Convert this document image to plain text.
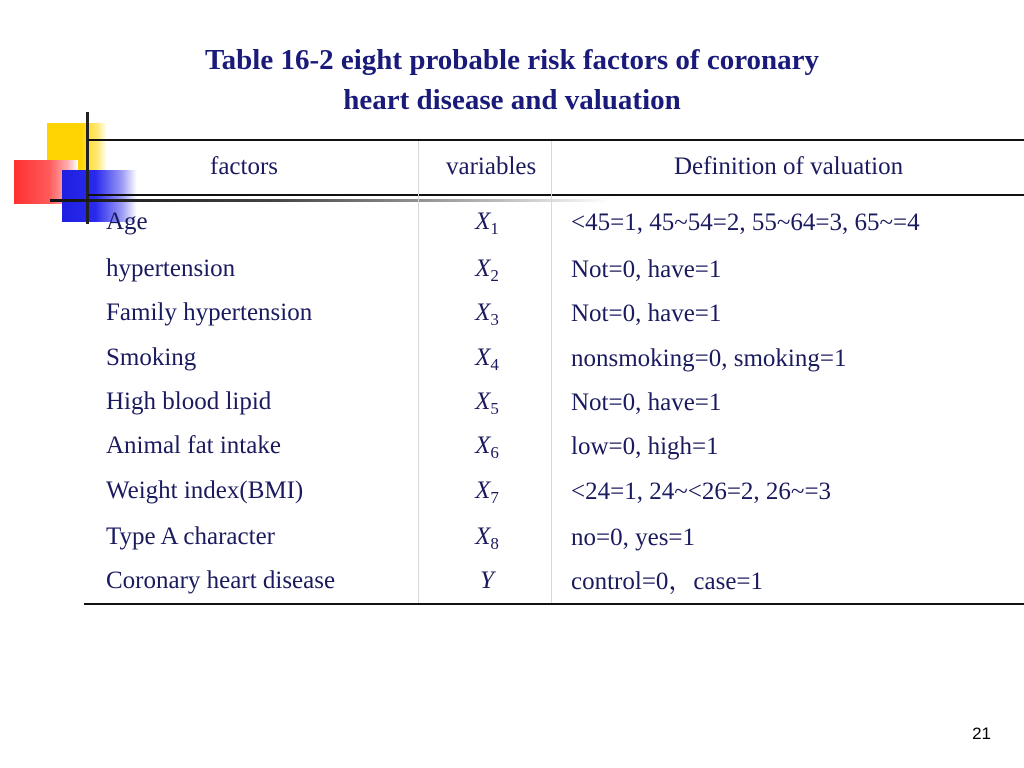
Table 16-2 eight probable risk factors of coronary
heart disease and valuation
factors	variables	Definition of valuation
Age	$X_1$	<45=1, 45~54=2, 55~64=3, 65~=4
hypertension	$X_2$	Not=0, have=1
Family hypertension	$X_3$	Not=0, have=1
Smoking	$X_4$	nonsmoking=0, smoking=1
High blood lipid	$X_5$	Not=0, have=1
Animal fat intake	$X_6$	low=0, high=1
Weight index(BMI)	$X_7$	<24=1, 24~<26=2, 26~=3
Type A character	$X_8$	no=0, yes=1
Coronary heart disease	Y	control=0，case=1
21
